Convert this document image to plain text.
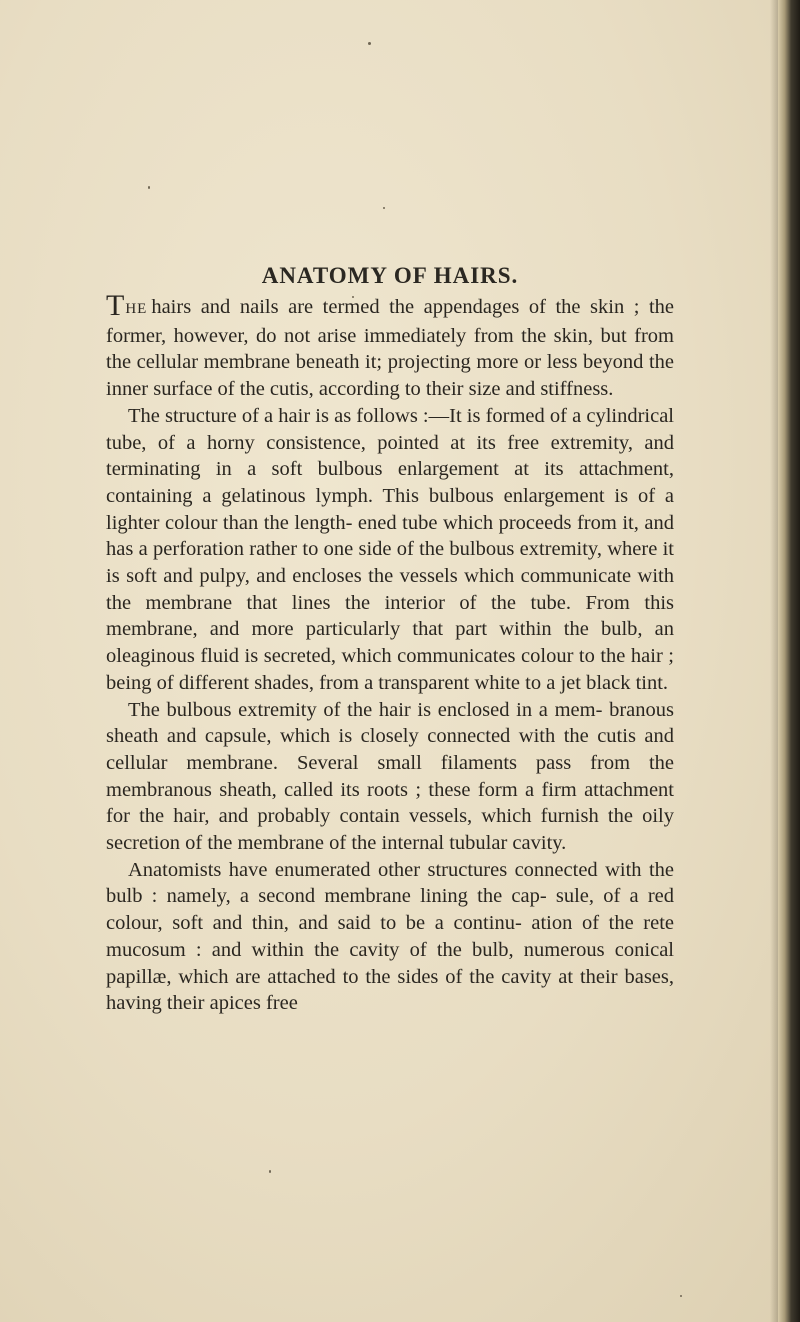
ANATOMY OF HAIRS.

THE hairs and nails are termed the appendages of the skin ; the former, however, do not arise immediately from the skin, but from the cellular membrane beneath it; projecting more or less beyond the inner surface of the cutis, according to their size and stiffness.

The structure of a hair is as follows :—It is formed of a cylindrical tube, of a horny consistence, pointed at its free extremity, and terminating in a soft bulbous enlargement at its attachment, containing a gelatinous lymph. This bulbous enlargement is of a lighter colour than the length- ened tube which proceeds from it, and has a perforation rather to one side of the bulbous extremity, where it is soft and pulpy, and encloses the vessels which communicate with the membrane that lines the interior of the tube. From this membrane, and more particularly that part within the bulb, an oleaginous fluid is secreted, which communicates colour to the hair ; being of different shades, from a transparent white to a jet black tint.

The bulbous extremity of the hair is enclosed in a mem- branous sheath and capsule, which is closely connected with the cutis and cellular membrane. Several small filaments pass from the membranous sheath, called its roots ; these form a firm attachment for the hair, and probably contain vessels, which furnish the oily secretion of the membrane of the internal tubular cavity.

Anatomists have enumerated other structures connected with the bulb : namely, a second membrane lining the cap- sule, of a red colour, soft and thin, and said to be a continu- ation of the rete mucosum : and within the cavity of the bulb, numerous conical papillæ, which are attached to the sides of the cavity at their bases, having their apices free
